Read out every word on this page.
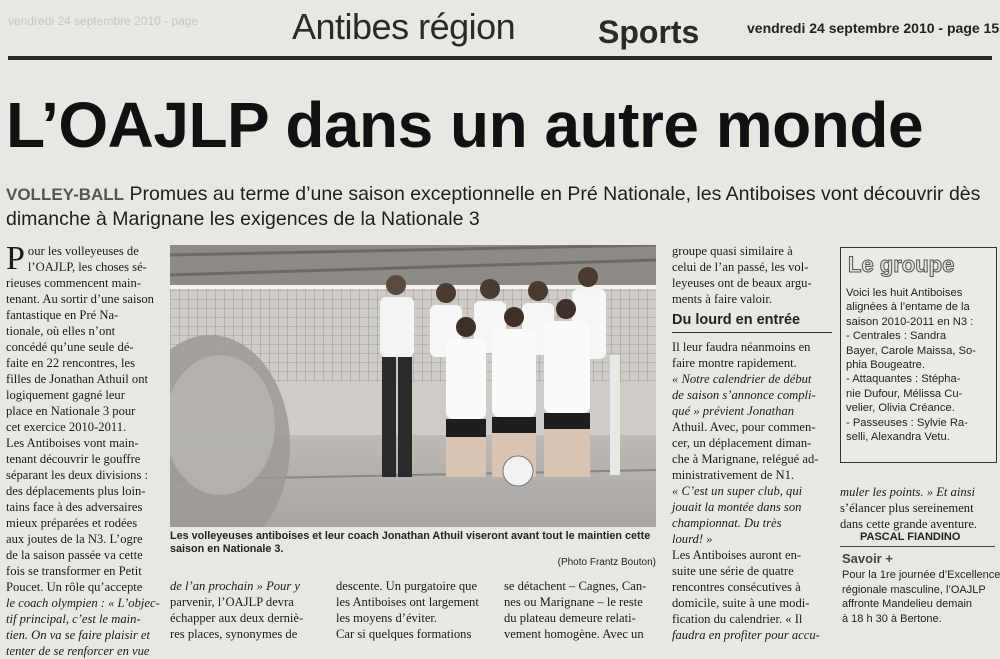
vendredi 24 septembre 2010 - page	Antibes région	Sports	vendredi 24 septembre 2010 - page 15
L’OAJLP dans un autre monde
VOLLEY-BALL Promues au terme d’une saison exceptionnelle en Pré Nationale, les Antiboises vont découvrir dès dimanche à Marignane les exigences de la Nationale 3
P our les volleyeuses de
l’OAJLP, les choses sé-
rieuses commencent main-
tenant. Au sortir d’une saison
fantastique en Pré Na-
tionale, où elles n’ont
concédé qu’une seule dé-
faite en 22 rencontres, les
filles de Jonathan Athuil ont
logiquement gagné leur
place en Nationale 3 pour
cet exercice 2010-2011.
Les Antiboises vont main-
tenant découvrir le gouffre
séparant les deux divisions :
des déplacements plus loin-
tains face à des adversaires
mieux préparées et rodées
aux joutes de la N3. L’ogre
de la saison passée va cette
fois se transformer en Petit
Poucet. Un rôle qu’accepte
le coach olympien : « L’objec-
tif principal, c’est le main-
tien. On va se faire plaisir et
tenter de se renforcer en vue
Les volleyeuses antiboises et leur coach Jonathan Athuil viseront avant tout le maintien cette saison en Nationale 3.
(Photo Frantz Bouton)
de l’an prochain » Pour y
parvenir, l’OAJLP devra
échapper aux deux derniè-
res places, synonymes de
descente. Un purgatoire que
les Antiboises ont largement
les moyens d’éviter.
Car si quelques formations
se détachent – Cagnes, Can-
nes ou Marignane – le reste
du plateau demeure relati-
vement homogène. Avec un
groupe quasi similaire à
celui de l’an passé, les vol-
leyeuses ont de beaux argu-
ments à faire valoir.
Du lourd en entrée
Il leur faudra néanmoins en
faire montre rapidement.
« Notre calendrier de début
de saison s’annonce compli-
qué » prévient Jonathan
Athuil. Avec, pour commen-
cer, un déplacement diman-
che à Marignane, relégué ad-
ministrativement de N1.
« C’est un super club, qui
jouait la montée dans son
championnat. Du très
lourd! »
Les Antiboises auront en-
suite une série de quatre
rencontres consécutives à
domicile, suite à une modi-
fication du calendrier. « Il
faudra en profiter pour accu-
muler les points. » Et ainsi
s’élancer plus sereinement
dans cette grande aventure.
PASCAL FIANDINO
Le groupe
Voici les huit Antiboises
alignées à l’entame de la
saison 2010-2011 en N3 :
- Centrales : Sandra
Bayer, Carole Maissa, So-
phia Bougeatre.
- Attaquantes : Stépha-
nie Dufour, Mélissa Cu-
velier, Olivia Créance.
- Passeuses : Sylvie Ra-
selli, Alexandra Vetu.
Savoir +
Pour la 1re journée d’Excellence
régionale masculine, l’OAJLP
affronte Mandelieu demain
à 18 h 30 à Bertone.
